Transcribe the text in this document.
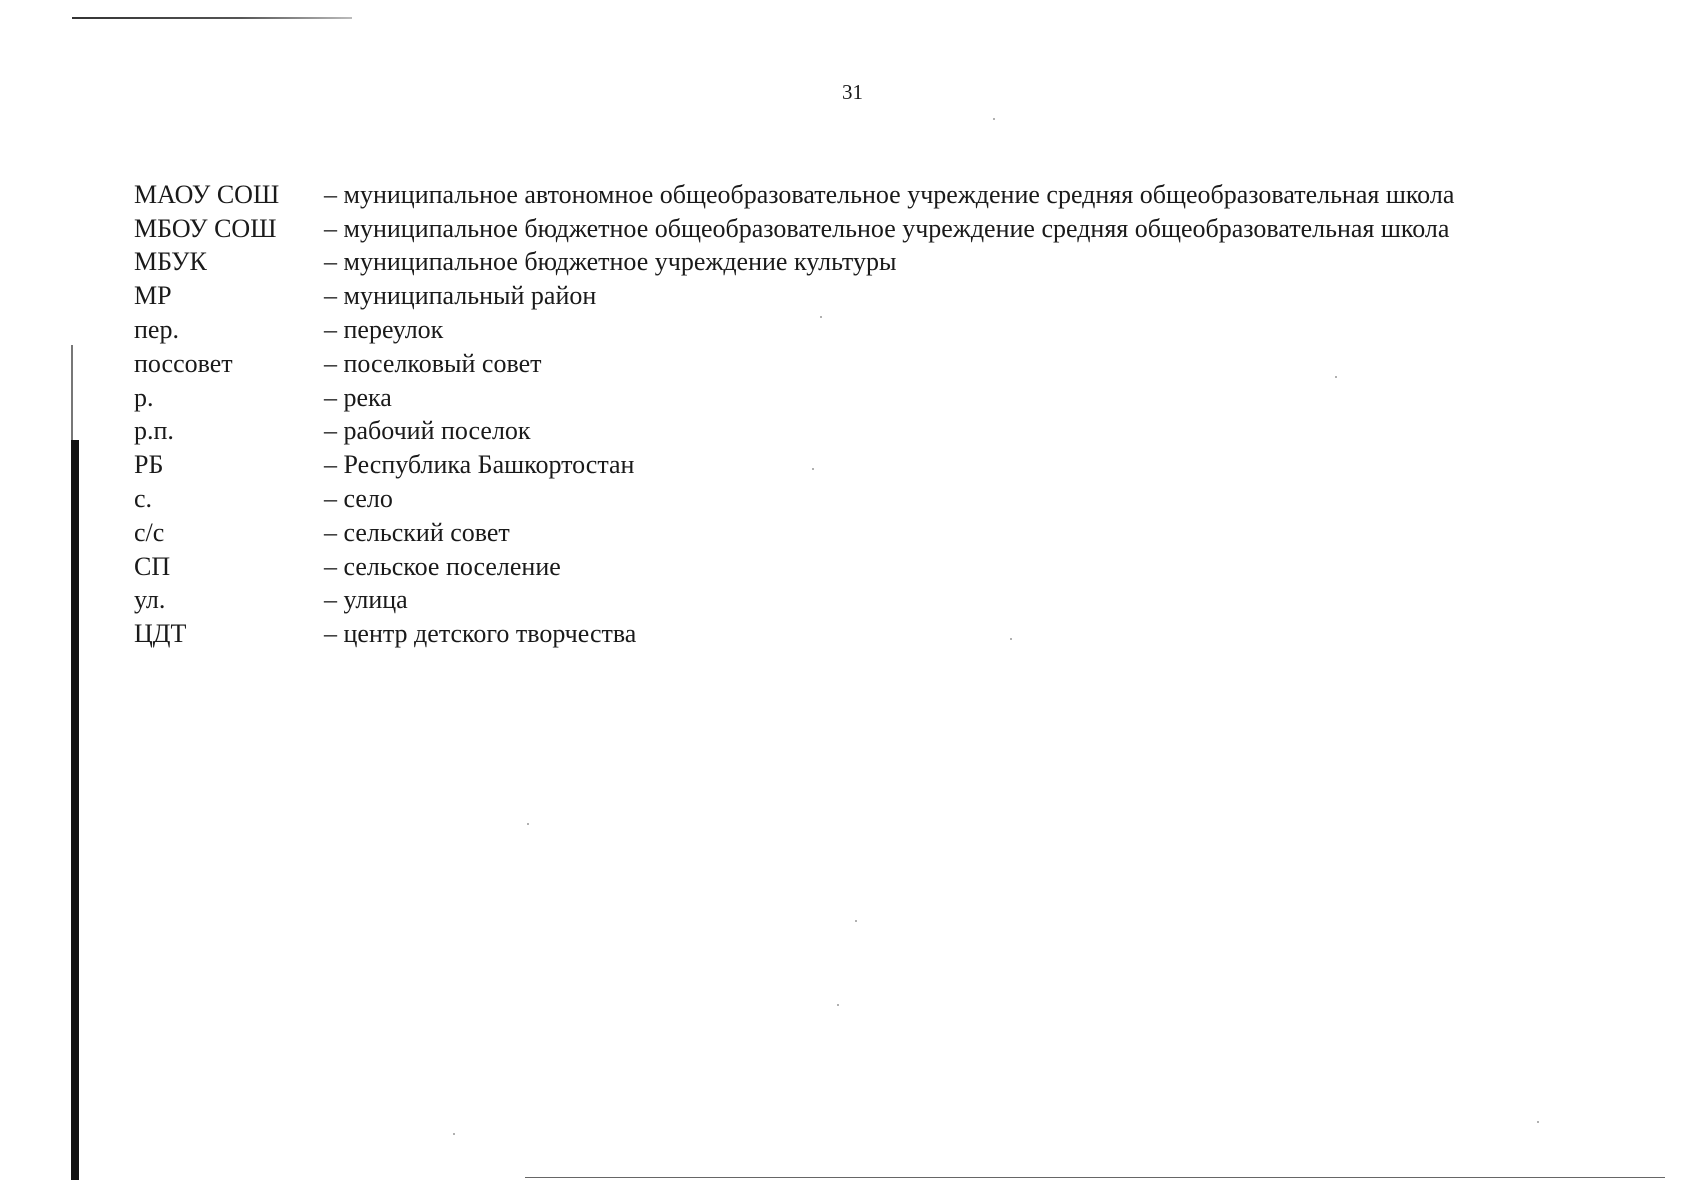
31
МАОУ СОШ	– муниципальное автономное общеобразовательное учреждение средняя общеобразовательная школа
МБОУ СОШ	– муниципальное бюджетное общеобразовательное учреждение средняя общеобразовательная школа
МБУК	– муниципальное бюджетное учреждение культуры
МР	– муниципальный район
пер.	– переулок
поссовет	– поселковый совет
р.	– река
р.п.	– рабочий поселок
РБ	– Республика Башкортостан
с.	– село
с/с	– сельский совет
СП	– сельское поселение
ул.	– улица
ЦДТ	– центр детского творчества
